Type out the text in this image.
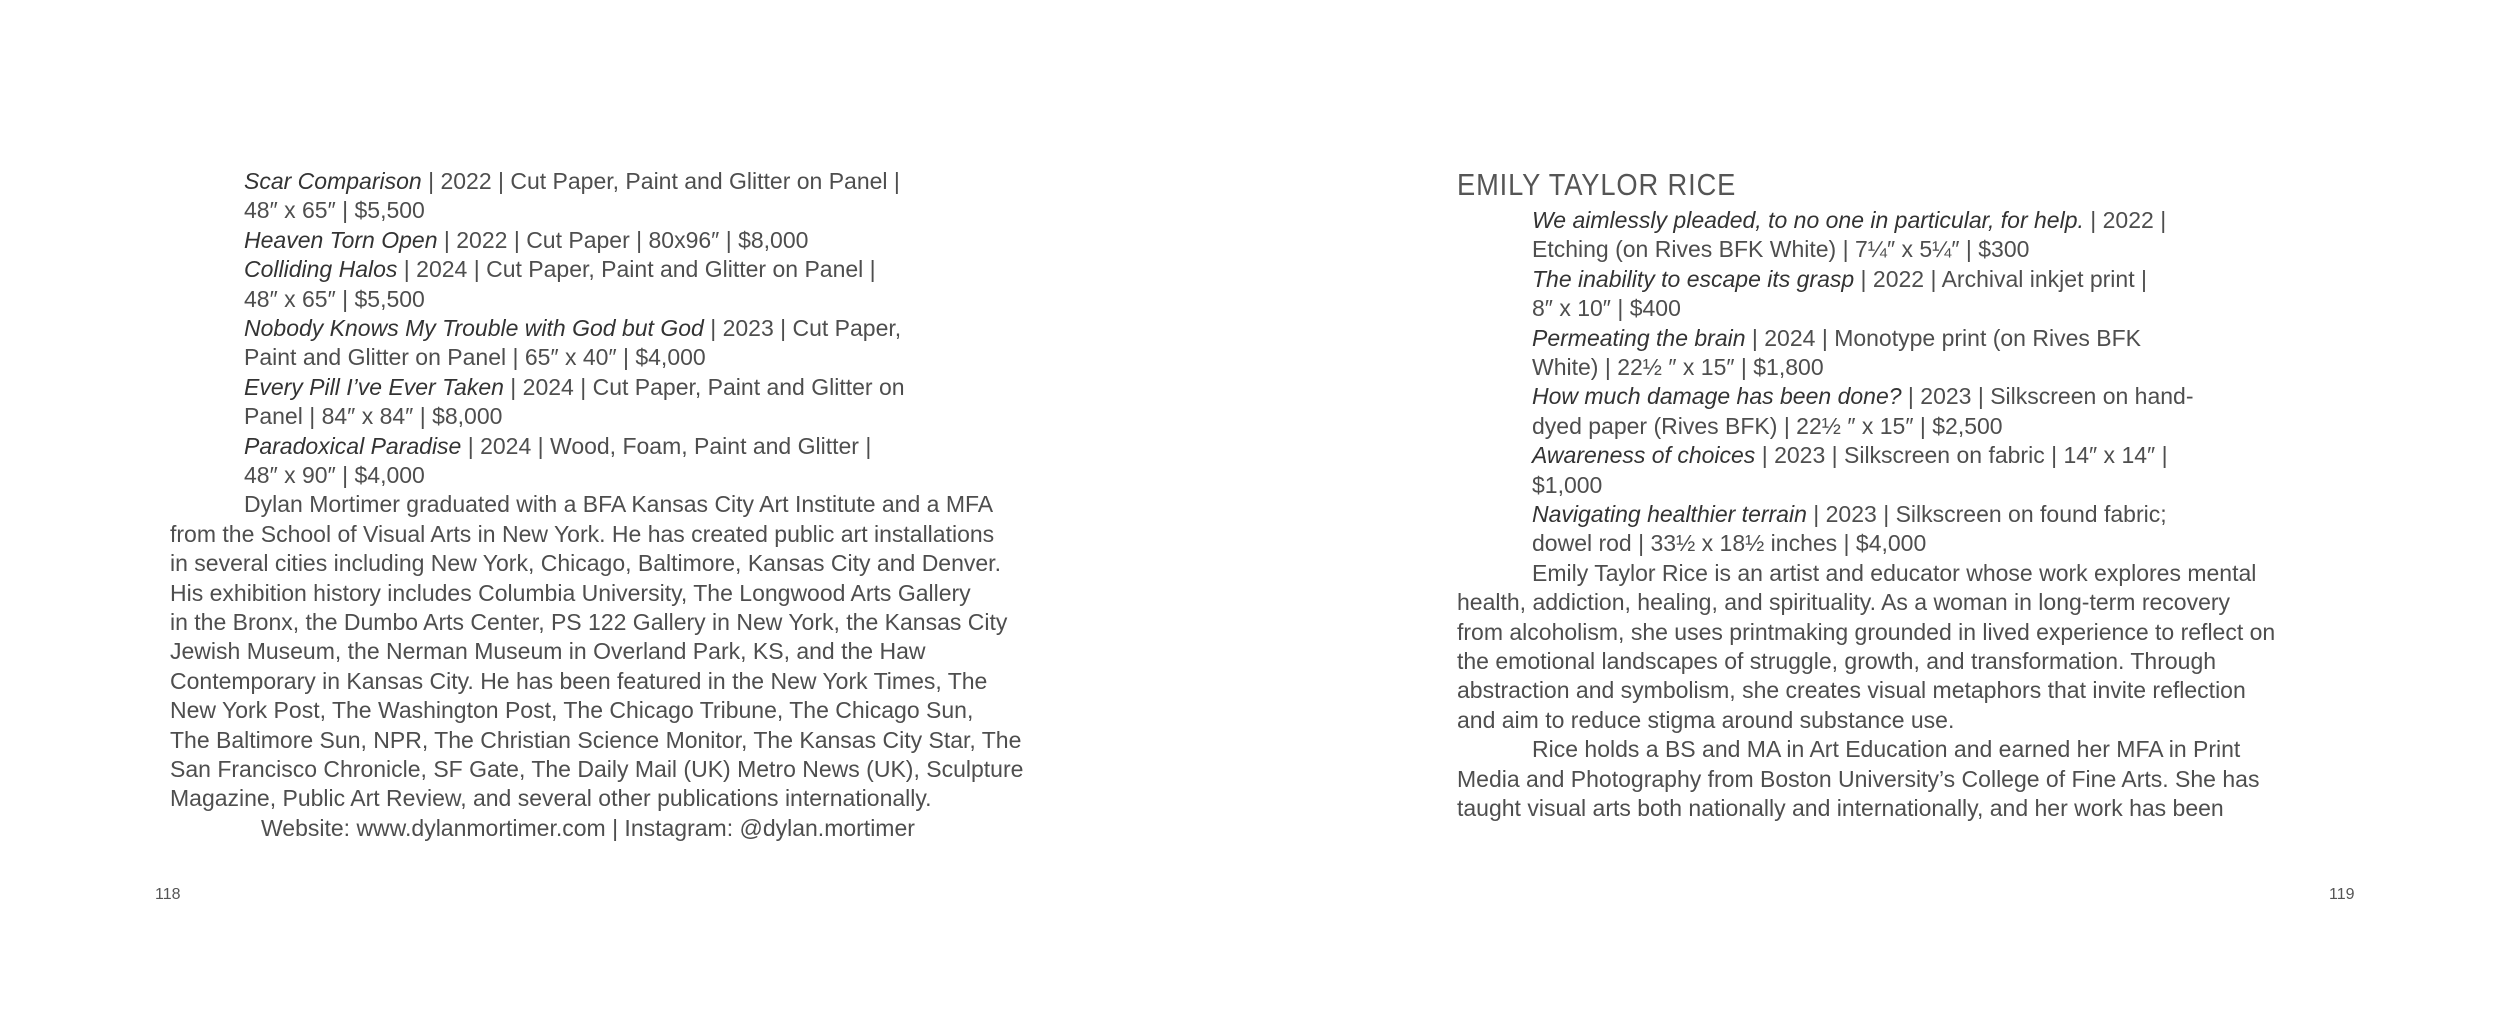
Scar Comparison | 2022 | Cut Paper, Paint and Glitter on Panel |
48″ x 65″ | $5,500
Heaven Torn Open | 2022 | Cut Paper | 80x96″ | $8,000
Colliding Halos | 2024 | Cut Paper, Paint and Glitter on Panel |
48″ x 65″ | $5,500
Nobody Knows My Trouble with God but God | 2023 | Cut Paper,
Paint and Glitter on Panel | 65″ x 40″ | $4,000
Every Pill I’ve Ever Taken | 2024 | Cut Paper, Paint and Glitter on
Panel | 84″ x 84″ | $8,000
Paradoxical Paradise | 2024 | Wood, Foam, Paint and Glitter |
48″ x 90″ | $4,000
Dylan Mortimer graduated with a BFA Kansas City Art Institute and a MFA
from the School of Visual Arts in New York. He has created public art installations
in several cities including New York, Chicago, Baltimore, Kansas City and Denver.
His exhibition history includes Columbia University, The Longwood Arts Gallery
in the Bronx, the Dumbo Arts Center, PS 122 Gallery in New York, the Kansas City
Jewish Museum, the Nerman Museum in Overland Park, KS, and the Haw
Contemporary in Kansas City. He has been featured in the New York Times, The
New York Post, The Washington Post, The Chicago Tribune, The Chicago Sun,
The Baltimore Sun, NPR, The Christian Science Monitor, The Kansas City Star, The
San Francisco Chronicle, SF Gate, The Daily Mail (UK) Metro News (UK), Sculpture
Magazine, Public Art Review, and several other publications internationally.
Website: www.dylanmortimer.com | Instagram: @dylan.mortimer
118
EMILY TAYLOR RICE
We aimlessly pleaded, to no one in particular, for help. | 2022 |
Etching (on Rives BFK White) | 7¼″ x 5¼″ | $300
The inability to escape its grasp | 2022 | Archival inkjet print |
8″ x 10″ | $400
Permeating the brain | 2024 | Monotype print (on Rives BFK
White) | 22½ ″ x 15″ | $1,800
How much damage has been done? | 2023 | Silkscreen on hand-
dyed paper (Rives BFK) | 22½ ″ x 15″ | $2,500
Awareness of choices | 2023 | Silkscreen on fabric | 14″ x 14″ |
$1,000
Navigating healthier terrain | 2023 | Silkscreen on found fabric;
dowel rod | 33½ x 18½ inches | $4,000
Emily Taylor Rice is an artist and educator whose work explores mental
health, addiction, healing, and spirituality. As a woman in long-term recovery
from alcoholism, she uses printmaking grounded in lived experience to reflect on
the emotional landscapes of struggle, growth, and transformation. Through
abstraction and symbolism, she creates visual metaphors that invite reflection
and aim to reduce stigma around substance use.
Rice holds a BS and MA in Art Education and earned her MFA in Print
Media and Photography from Boston University’s College of Fine Arts. She has
taught visual arts both nationally and internationally, and her work has been
119
